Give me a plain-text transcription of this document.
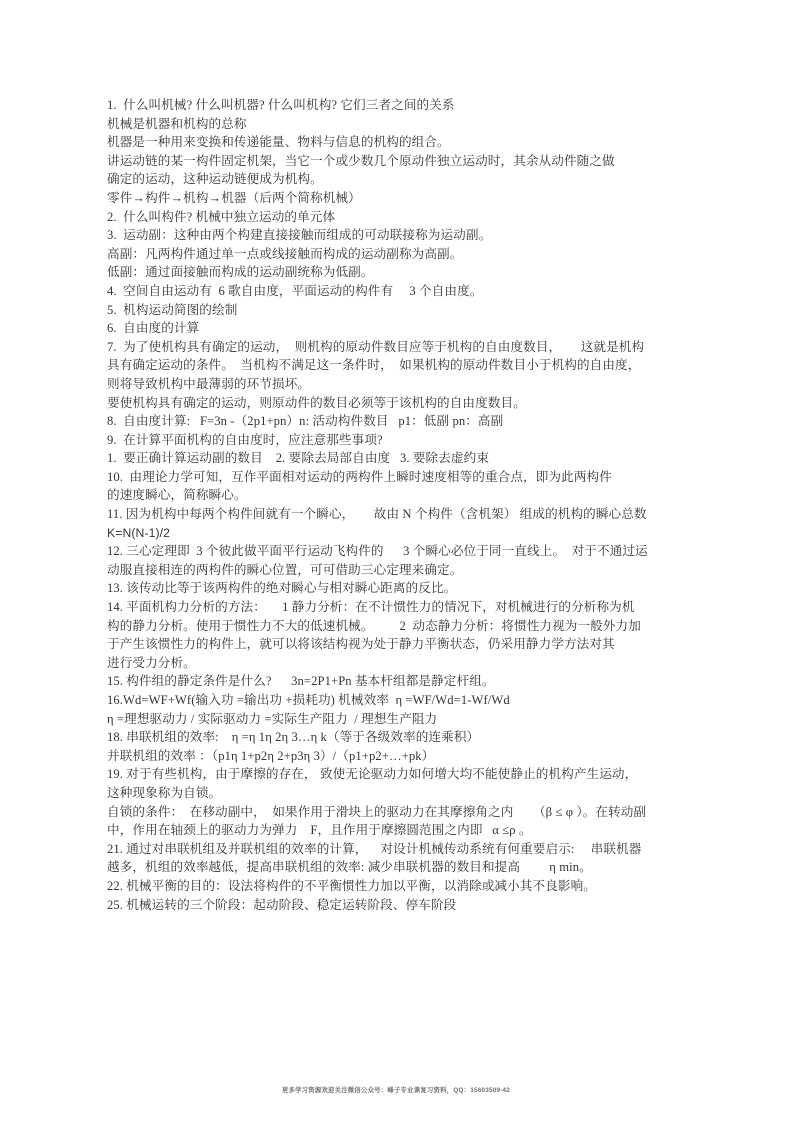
1.  什么叫机械? 什么叫机器? 什么叫机构? 它们三者之间的关系
机械是机器和机构的总称
机器是一种用来变换和传递能量、物料与信息的机构的组合。
讲运动链的某一构件固定机架，当它一个或少数几个原动件独立运动时，其余从动件随之做
确定的运动，这种运动链便成为机构。
零件→构件→机构→机器（后两个简称机械）
2.  什么叫构件? 机械中独立运动的单元体
3.  运动副：这种由两个构建直接接触而组成的可动联接称为运动副。
高副：凡两构件通过单一点或线接触而构成的运动副称为高副。
低副：通过面接触而构成的运动副统称为低副。
4.  空间自由运动有  6 歌自由度，平面运动的构件有     3 个自由度。
5.  机构运动简图的绘制
6.  自由度的计算
7.  为了使机构具有确定的运动，  则机构的原动件数目应等于机构的自由度数目，      这就是机构
具有确定运动的条件。  当机构不满足这一条件时，  如果机构的原动件数目小于机构的自由度，
则将导致机构中最薄弱的环节损坏。
要使机构具有确定的运动，则原动件的数目必须等于该机构的自由度数目。
8.  自由度计算:   F=3n -（2p1+pn）n: 活动构件数目   p1：低副 pn：高副
9.  在计算平面机构的自由度时，应注意那些事项?
1.  要正确计算运动副的数目    2. 要除去局部自由度   3. 要除去虚约束
10.  由理论力学可知，互作平面相对运动的两构件上瞬时速度相等的重合点，即为此两构件
的速度瞬心，简称瞬心。
11. 因为机构中每两个构件间就有一个瞬心，      故由 N 个构件（含机架） 组成的机构的瞬心总数
K=N(N-1)/2
12. 三心定理即  3 个彼此做平面平行运动飞构件的      3 个瞬心必位于同一直线上。  对于不通过运
动服直接相连的两构件的瞬心位置，可可借助三心定理来确定。
13. 该传动比等于该两构件的绝对瞬心与相对瞬心距离的反比。
14. 平面机构力分析的方法：     1 静力分析：在不计惯性力的情况下，对机械进行的分析称为机
构的静力分析。使用于惯性力不大的低速机械。        2  动态静力分析：将惯性力视为一般外力加
于产生该惯性力的构件上，就可以将该结构视为处于静力平衡状态，仍采用静力学方法对其
进行受力分析。
15. 构件组的静定条件是什么?      3n=2P1+Pn 基本杆组都是静定杆组。
16.Wd=WF+Wf(输入功 =输出功 +损耗功) 机械效率  η =WF/Wd=1-Wf/Wd
η =理想驱动力 / 实际驱动力 =实际生产阻力  / 理想生产阻力
18. 串联机组的效率:    η =η 1η 2η 3…η k（等于各级效率的连乘积）
并联机组的效率 ：（p1η 1+p2η 2+p3η 3）/（p1+p2+…+pk）
19. 对于有些机构，由于摩擦的存在， 致使无论驱动力如何增大均不能使静止的机构产生运动，
这种现象称为自锁。
自锁的条件：  在移动副中，  如果作用于滑块上的驱动力在其摩擦角之内      （β ≤ φ ）。在转动副
中，作用在轴颈上的驱动力为弹力    F，且作用于摩擦圆范围之内即   α ≤ρ 。
21. 通过对串联机组及并联机组的效率的计算，    对设计机械传动系统有何重要启示:     串联机器
越多，机组的效率越低，提高串联机组的效率: 减少串联机器的数目和提高         η min。
22. 机械平衡的目的：设法将构件的不平衡惯性力加以平衡，以消除或减小其不良影响。
25. 机械运转的三个阶段：起动阶段、稳定运转阶段、停车阶段
更多学习资源欢迎关注微信公众号：峰子专业课复习资料，QQ：15603509-42
